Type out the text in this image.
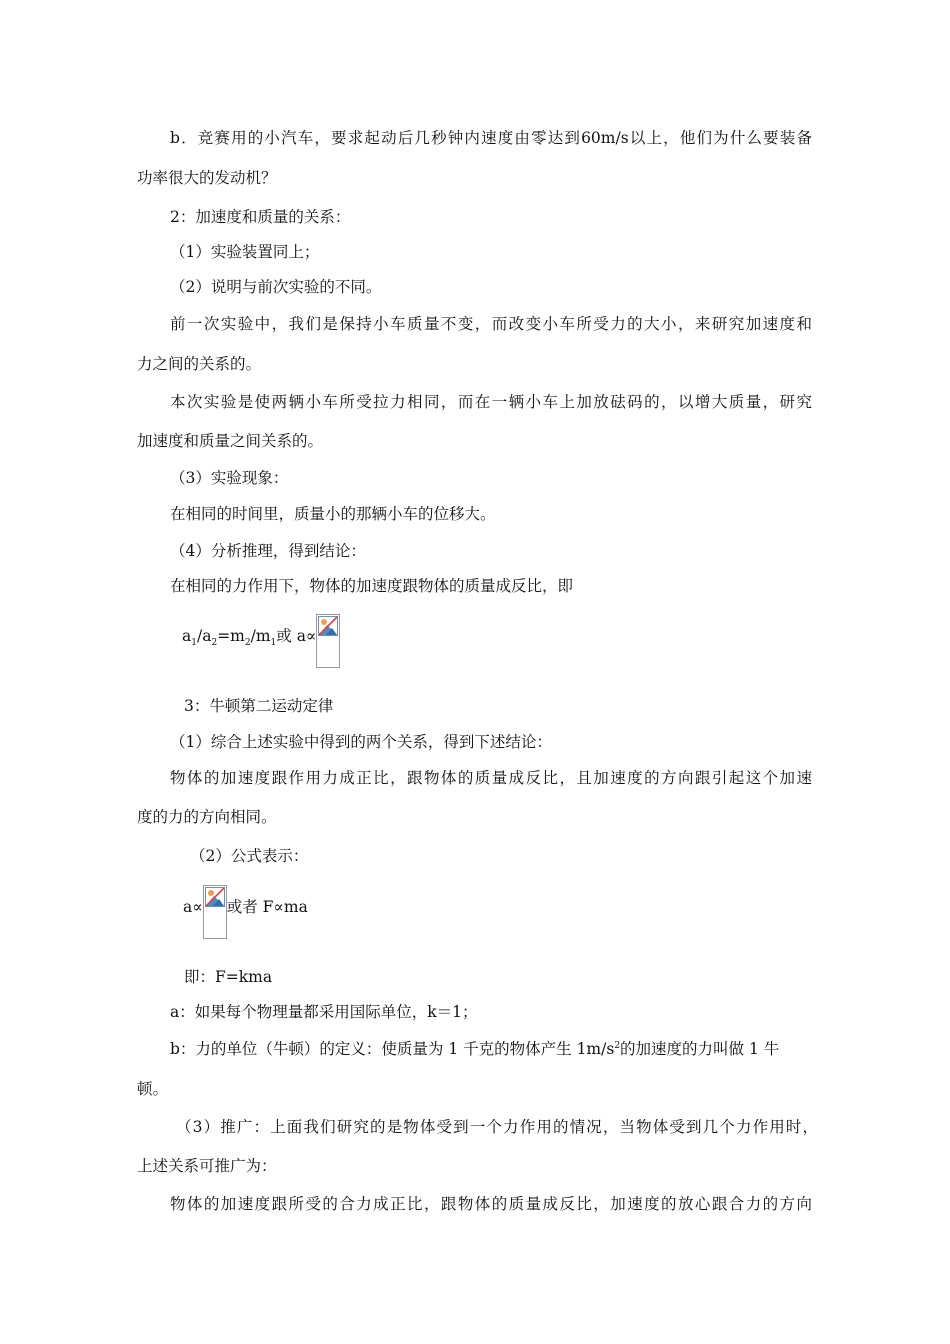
b．竞赛用的小汽车，要求起动后几秒钟内速度由零达到60m/s以上，他们为什么要装备
功率很大的发动机？
2：加速度和质量的关系：
（1）实验装置同上；
（2）说明与前次实验的不同。
前一次实验中，我们是保持小车质量不变，而改变小车所受力的大小，来研究加速度和
力之间的关系的。
本次实验是使两辆小车所受拉力相同，而在一辆小车上加放砝码的，以增大质量，研究
加速度和质量之间关系的。
（3）实验现象：
在相同的时间里，质量小的那辆小车的位移大。
（4）分析推理，得到结论：
在相同的力作用下，物体的加速度跟物体的质量成反比，即
$a_1/a_2=m_2/m_1$或 a∝
3：牛顿第二运动定律
（1）综合上述实验中得到的两个关系，得到下述结论：
物体的加速度跟作用力成正比，跟物体的质量成反比，且加速度的方向跟引起这个加速
度的力的方向相同。
（2）公式表示：
a∝ 或者 F∝ma
即：F=kma
a：如果每个物理量都采用国际单位，k＝1；
b：力的单位（牛顿）的定义：使质量为 1 千克的物体产生 $1m/s^2$的加速度的力叫做 1 牛
顿。
（3）推广：上面我们研究的是物体受到一个力作用的情况，当物体受到几个力作用时，
上述关系可推广为：
物体的加速度跟所受的合力成正比，跟物体的质量成反比，加速度的放心跟合力的方向
